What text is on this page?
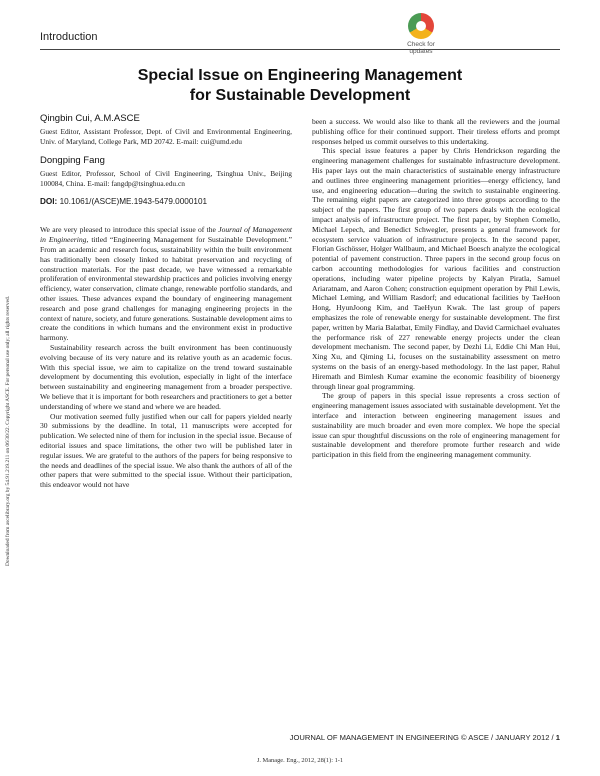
Introduction
Check for
updates
Special Issue on Engineering Management
for Sustainable Development
Qingbin Cui, A.M.ASCE
Guest Editor, Assistant Professor, Dept. of Civil and Environmental Engineering, Univ. of Maryland, College Park, MD 20742. E-mail: cui@umd.edu
Dongping Fang
Guest Editor, Professor, School of Civil Engineering, Tsinghua Univ., Beijing 100084, China. E-mail: fangdp@tsinghua.edu.cn
DOI: 10.1061/(ASCE)ME.1943-5479.0000101

We are very pleased to introduce this special issue of the Journal of Management in Engineering, titled “Engineering Management for Sustainable Development.” From an academic and research focus, sustainability within the built environment has traditionally been closely linked to habitat preservation and recycling of construction materials. For the past decade, we have witnessed a remarkable proliferation of environmental stewardship practices and policies involving energy efficiency, water conservation, climate change, renewable portfolio standards, and other issues. These advances expand the boundary of engineering management research and pose grand challenges for managing engineering projects in the context of nature, society, and future generations. Sustainable development aims to create the conditions in which humans and the environment exist in productive harmony.

Sustainability research across the built environment has been continuously evolving because of its very nature and its relative youth as an academic focus. With this special issue, we aim to capitalize on the trend toward sustainable development by documenting this evolution, especially in light of the interface between sustainability and engineering management from a broader perspective. We believe that it is important for both researchers and practitioners to get a better understanding of where we stand and where we are headed.

Our motivation seemed fully justified when our call for papers yielded nearly 30 submissions by the deadline. In total, 11 manuscripts were accepted for publication. We selected nine of them for inclusion in the special issue. Because of editorial issues and space limitations, the other two will be published later in regular issues. We are grateful to the authors of the papers for being responsive to the needs and deadlines of the special issue. We also thank the authors of all of the other papers that were submitted to the special issue. Without their participation, this endeavor would not have

been a success. We would also like to thank all the reviewers and the journal publishing office for their continued support. Their tireless efforts and prompt responses helped us commit ourselves to this undertaking.

This special issue features a paper by Chris Hendrickson regarding the engineering management challenges for sustainable infrastructure development. His paper lays out the main characteristics of sustainable energy infrastructure and outlines three engineering management priorities—energy efficiency, land use, and engineering education—during the switch to sustainable engineering. The remaining eight papers are categorized into three groups according to the subject of the papers. The first group of two papers deals with the ecological impact analysis of infrastructure project. The first paper, by Stephen Comello, Michael Lepech, and Benedict Schwegler, presents a general framework for ecosystem service valuation of infrastructure projects. In the second paper, Florian Gschösser, Holger Wallbaum, and Michael Boesch analyze the ecological potential of pavement construction. Three papers in the second group focus on carbon accounting methodologies for various facilities and construction operations, including water pipeline projects by Kalyan Piratla, Samuel Ariaratnam, and Aaron Cohen; construction equipment operation by Phil Lewis, Michael Leming, and William Rasdorf; and educational facilities by TaeHoon Hong, HyunJoong Kim, and TaeHyun Kwak. The last group of papers emphasizes the role of renewable energy for sustainable development. The first paper, written by Maria Balatbat, Emily Findlay, and David Carmichael evaluates the performance risk of 227 renewable energy projects under the clean development mechanism. The second paper, by Dezhi Li, Eddie Chi Man Hui, Xing Xu, and Qiming Li, focuses on the sustainability assessment on metro systems on the basis of an energy-based methodology. In the last paper, Rahul Hiremath and Bimlesh Kumar examine the economic feasibility of bioenergy through linear goal programming.

The group of papers in this special issue represents a cross section of engineering management issues associated with sustainable development. Yet the interface and interaction between engineering management issues and sustainability are much broader and even more complex. We hope the special issue can spur thoughtful discussions on the role of engineering management for sustainable development and therefore promote further research and wide participation in this field from the engineering management community.

Downloaded from ascelibrary.org by 54.91.219.211 on 06/30/22. Copyright ASCE. For personal use only; all rights reserved.
JOURNAL OF MANAGEMENT IN ENGINEERING © ASCE / JANUARY 2012 / 1
J. Manage. Eng., 2012, 28(1): 1-1
